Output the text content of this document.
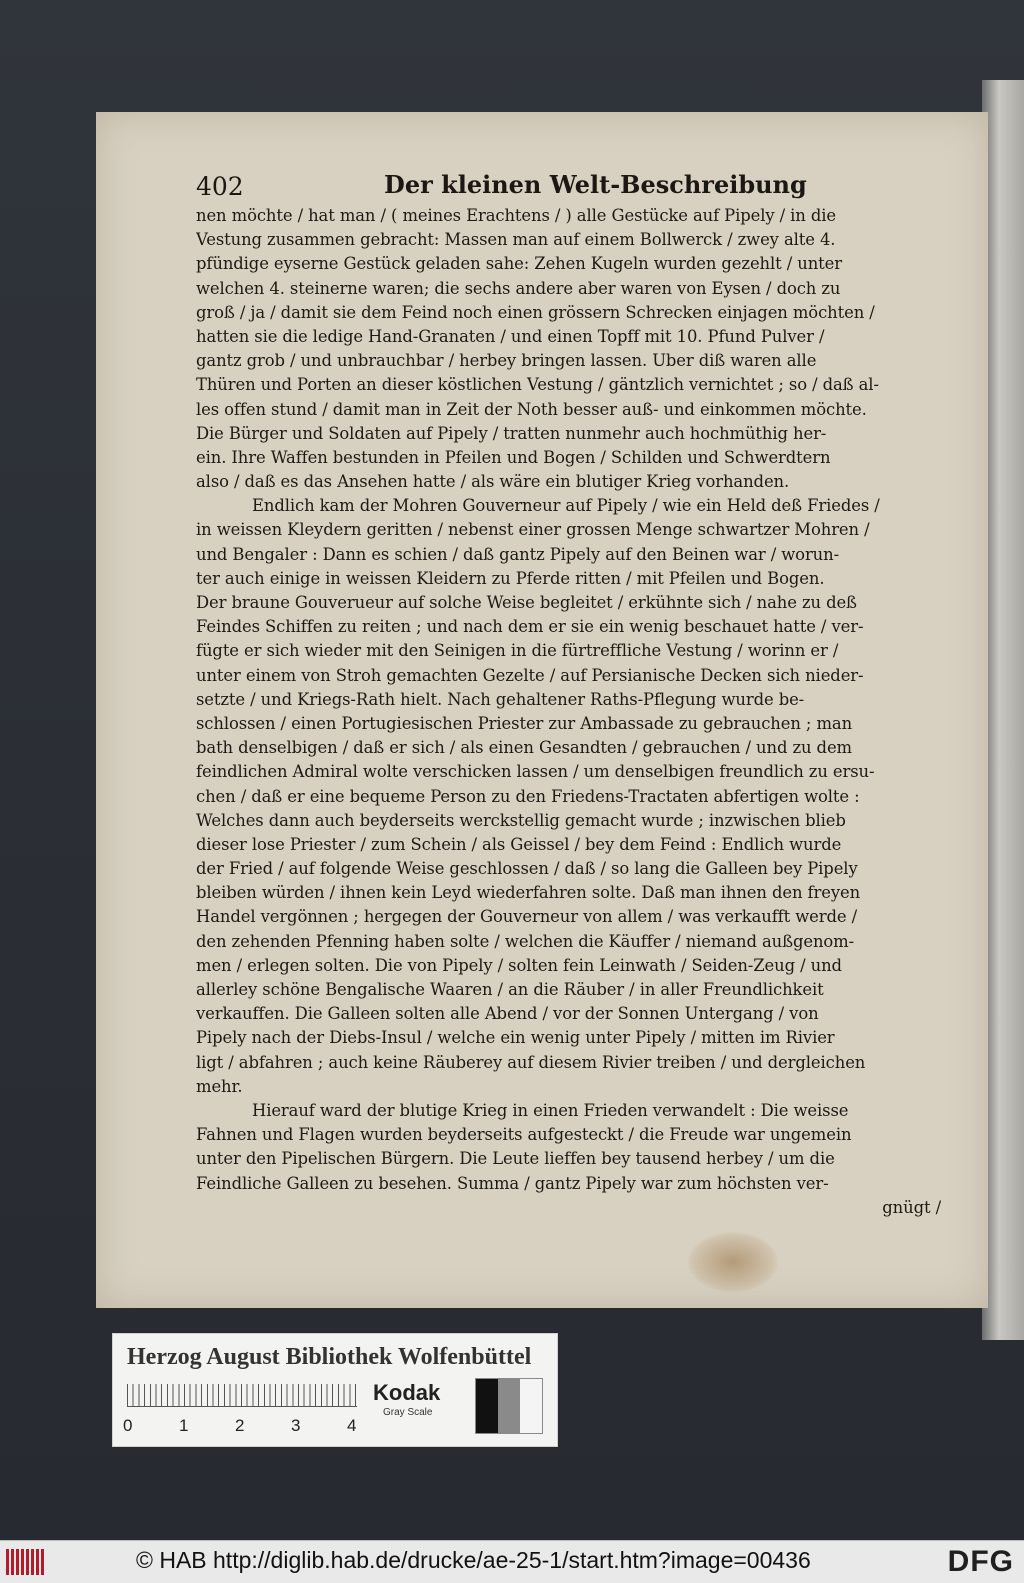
402	Der kleinen Welt-Beschreibung
nen möchte / hat man / ( meines Erachtens / ) alle Gestücke auf Pipely / in die
Vestung zusammen gebracht: Massen man auf einem Bollwerck / zwey alte 4.
pfündige eyserne Gestück geladen sahe: Zehen Kugeln wurden gezehlt / unter
welchen 4. steinerne waren; die sechs andere aber waren von Eysen / doch zu
groß / ja / damit sie dem Feind noch einen grössern Schrecken einjagen möchten /
hatten sie die ledige Hand-Granaten / und einen Topff mit 10. Pfund Pulver /
gantz grob / und unbrauchbar / herbey bringen lassen. Uber diß waren alle
Thüren und Porten an dieser köstlichen Vestung / gäntzlich vernichtet ; so / daß al-
les offen stund / damit man in Zeit der Noth besser auß- und einkommen möchte.
Die Bürger und Soldaten auf Pipely / tratten nunmehr auch hochmüthig her-
ein. Ihre Waffen bestunden in Pfeilen und Bogen / Schilden und Schwerdtern
also / daß es das Ansehen hatte / als wäre ein blutiger Krieg vorhanden.
Endlich kam der Mohren Gouverneur auf Pipely / wie ein Held deß Friedes /
in weissen Kleydern geritten / nebenst einer grossen Menge schwartzer Mohren /
und Bengaler : Dann es schien / daß gantz Pipely auf den Beinen war / worun-
ter auch einige in weissen Kleidern zu Pferde ritten / mit Pfeilen und Bogen.
Der braune Gouverueur auf solche Weise begleitet / erkühnte sich / nahe zu deß
Feindes Schiffen zu reiten ; und nach dem er sie ein wenig beschauet hatte / ver-
fügte er sich wieder mit den Seinigen in die fürtreffliche Vestung / worinn er /
unter einem von Stroh gemachten Gezelte / auf Persianische Decken sich nieder-
setzte / und Kriegs-Rath hielt. Nach gehaltener Raths-Pflegung wurde be-
schlossen / einen Portugiesischen Priester zur Ambassade zu gebrauchen ; man
bath denselbigen / daß er sich / als einen Gesandten / gebrauchen / und zu dem
feindlichen Admiral wolte verschicken lassen / um denselbigen freundlich zu ersu-
chen / daß er eine bequeme Person zu den Friedens-Tractaten abfertigen wolte :
Welches dann auch beyderseits werckstellig gemacht wurde ; inzwischen blieb
dieser lose Priester / zum Schein / als Geissel / bey dem Feind : Endlich wurde
der Fried / auf folgende Weise geschlossen / daß / so lang die Galleen bey Pipely
bleiben würden / ihnen kein Leyd wiederfahren solte. Daß man ihnen den freyen
Handel vergönnen ; hergegen der Gouverneur von allem / was verkaufft werde /
den zehenden Pfenning haben solte / welchen die Käuffer / niemand außgenom-
men / erlegen solten. Die von Pipely / solten fein Leinwath / Seiden-Zeug / und
allerley schöne Bengalische Waaren / an die Räuber / in aller Freundlichkeit
verkauffen. Die Galleen solten alle Abend / vor der Sonnen Untergang / von
Pipely nach der Diebs-Insul / welche ein wenig unter Pipely / mitten im Rivier
ligt / abfahren ; auch keine Räuberey auf diesem Rivier treiben / und dergleichen
mehr.
Hierauf ward der blutige Krieg in einen Frieden verwandelt : Die weisse
Fahnen und Flagen wurden beyderseits aufgesteckt / die Freude war ungemein
unter den Pipelischen Bürgern. Die Leute lieffen bey tausend herbey / um die
Feindliche Galleen zu besehen. Summa / gantz Pipely war zum höchsten ver-
gnügt /
Herzog August Bibliothek Wolfenbüttel
0	1	2	3	4
Kodak
Gray Scale
© HAB http://diglib.hab.de/drucke/ae-25-1/start.htm?image=00436	DFG
